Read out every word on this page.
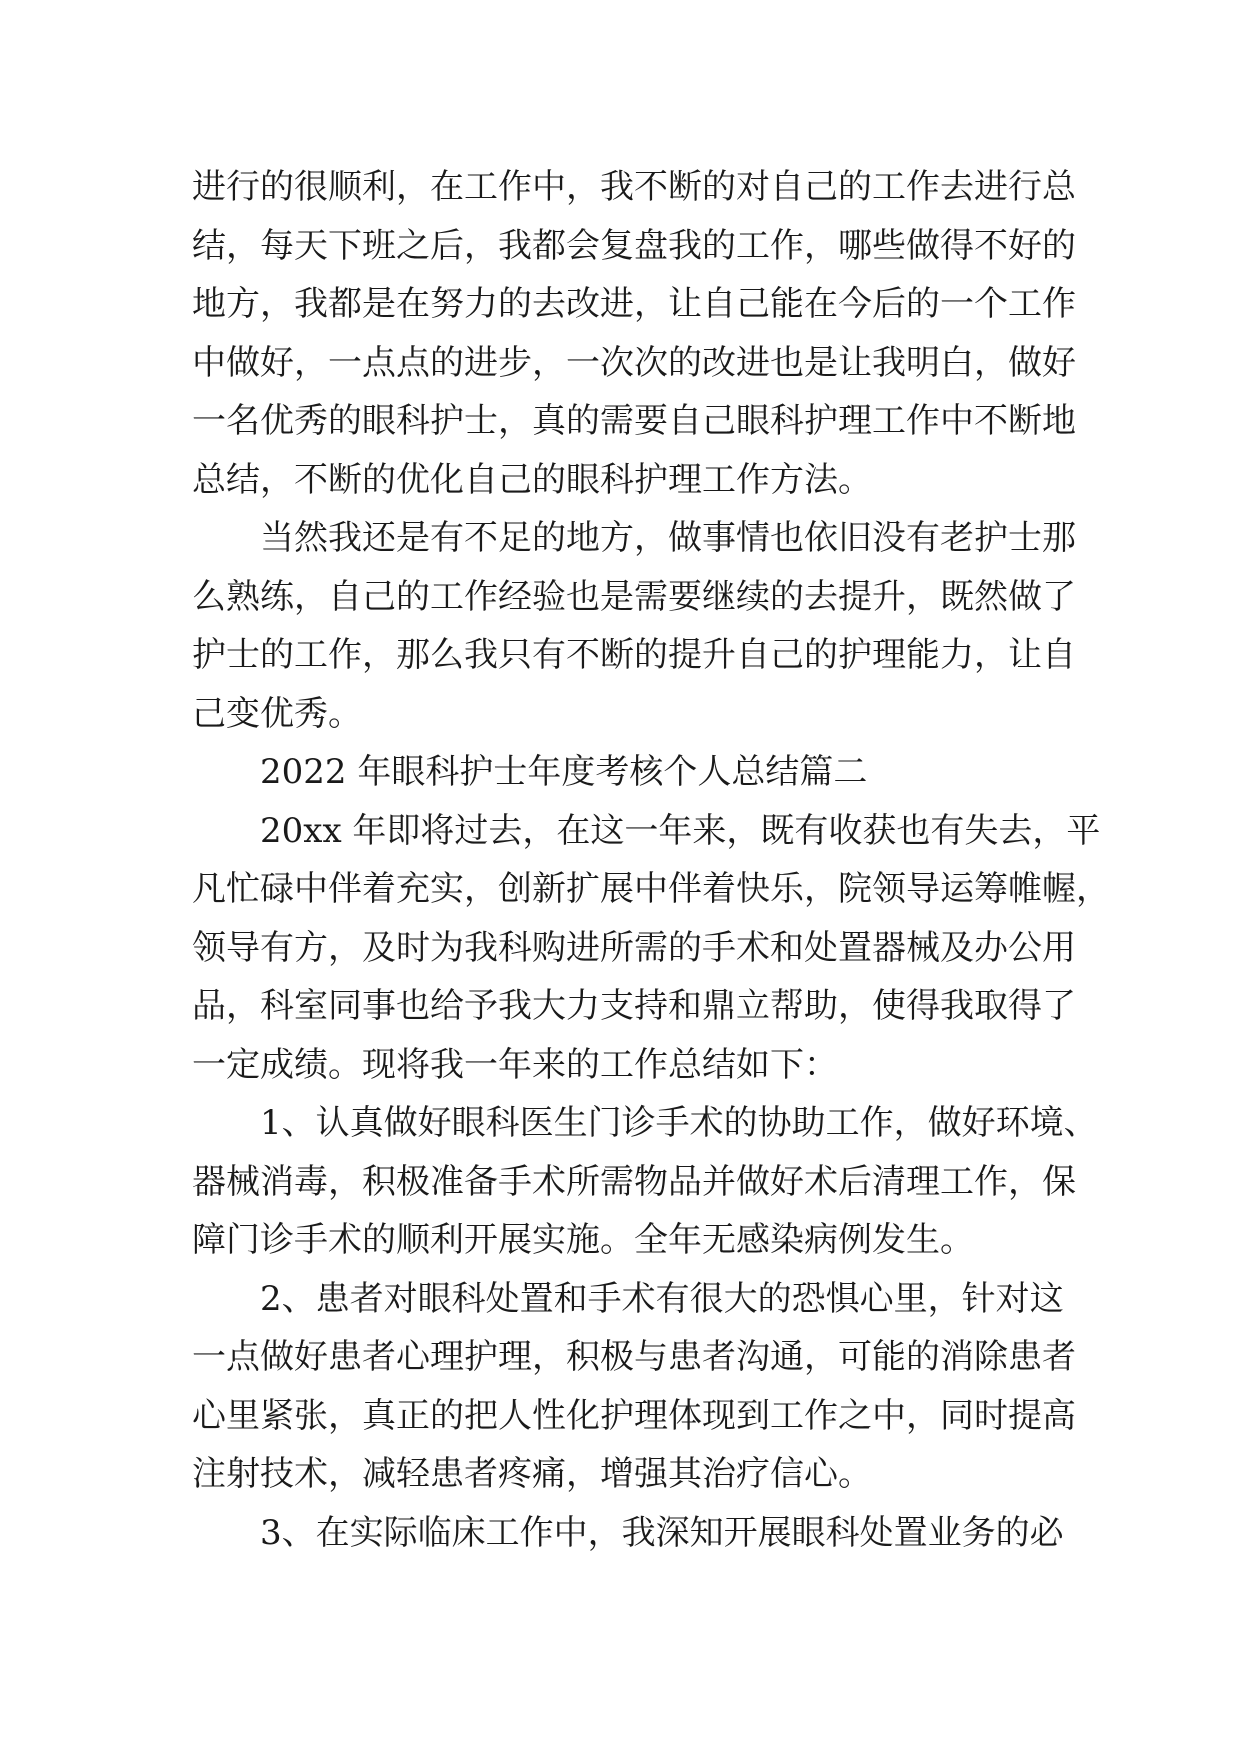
进行的很顺利，在工作中，我不断的对自己的工作去进行总
结，每天下班之后，我都会复盘我的工作，哪些做得不好的
地方，我都是在努力的去改进，让自己能在今后的一个工作
中做好，一点点的进步，一次次的改进也是让我明白，做好
一名优秀的眼科护士，真的需要自己眼科护理工作中不断地
总结，不断的优化自己的眼科护理工作方法。
当然我还是有不足的地方，做事情也依旧没有老护士那
么熟练，自己的工作经验也是需要继续的去提升，既然做了
护士的工作，那么我只有不断的提升自己的护理能力，让自
己变优秀。
2022 年眼科护士年度考核个人总结篇二
20xx 年即将过去，在这一年来，既有收获也有失去，平
凡忙碌中伴着充实，创新扩展中伴着快乐，院领导运筹帷幄，
领导有方，及时为我科购进所需的手术和处置器械及办公用
品，科室同事也给予我大力支持和鼎立帮助，使得我取得了
一定成绩。现将我一年来的工作总结如下：
1、认真做好眼科医生门诊手术的协助工作，做好环境、
器械消毒，积极准备手术所需物品并做好术后清理工作，保
障门诊手术的顺利开展实施。全年无感染病例发生。
2、患者对眼科处置和手术有很大的恐惧心里，针对这
一点做好患者心理护理，积极与患者沟通，可能的消除患者
心里紧张，真正的把人性化护理体现到工作之中，同时提高
注射技术，减轻患者疼痛，增强其治疗信心。
3、在实际临床工作中，我深知开展眼科处置业务的必
